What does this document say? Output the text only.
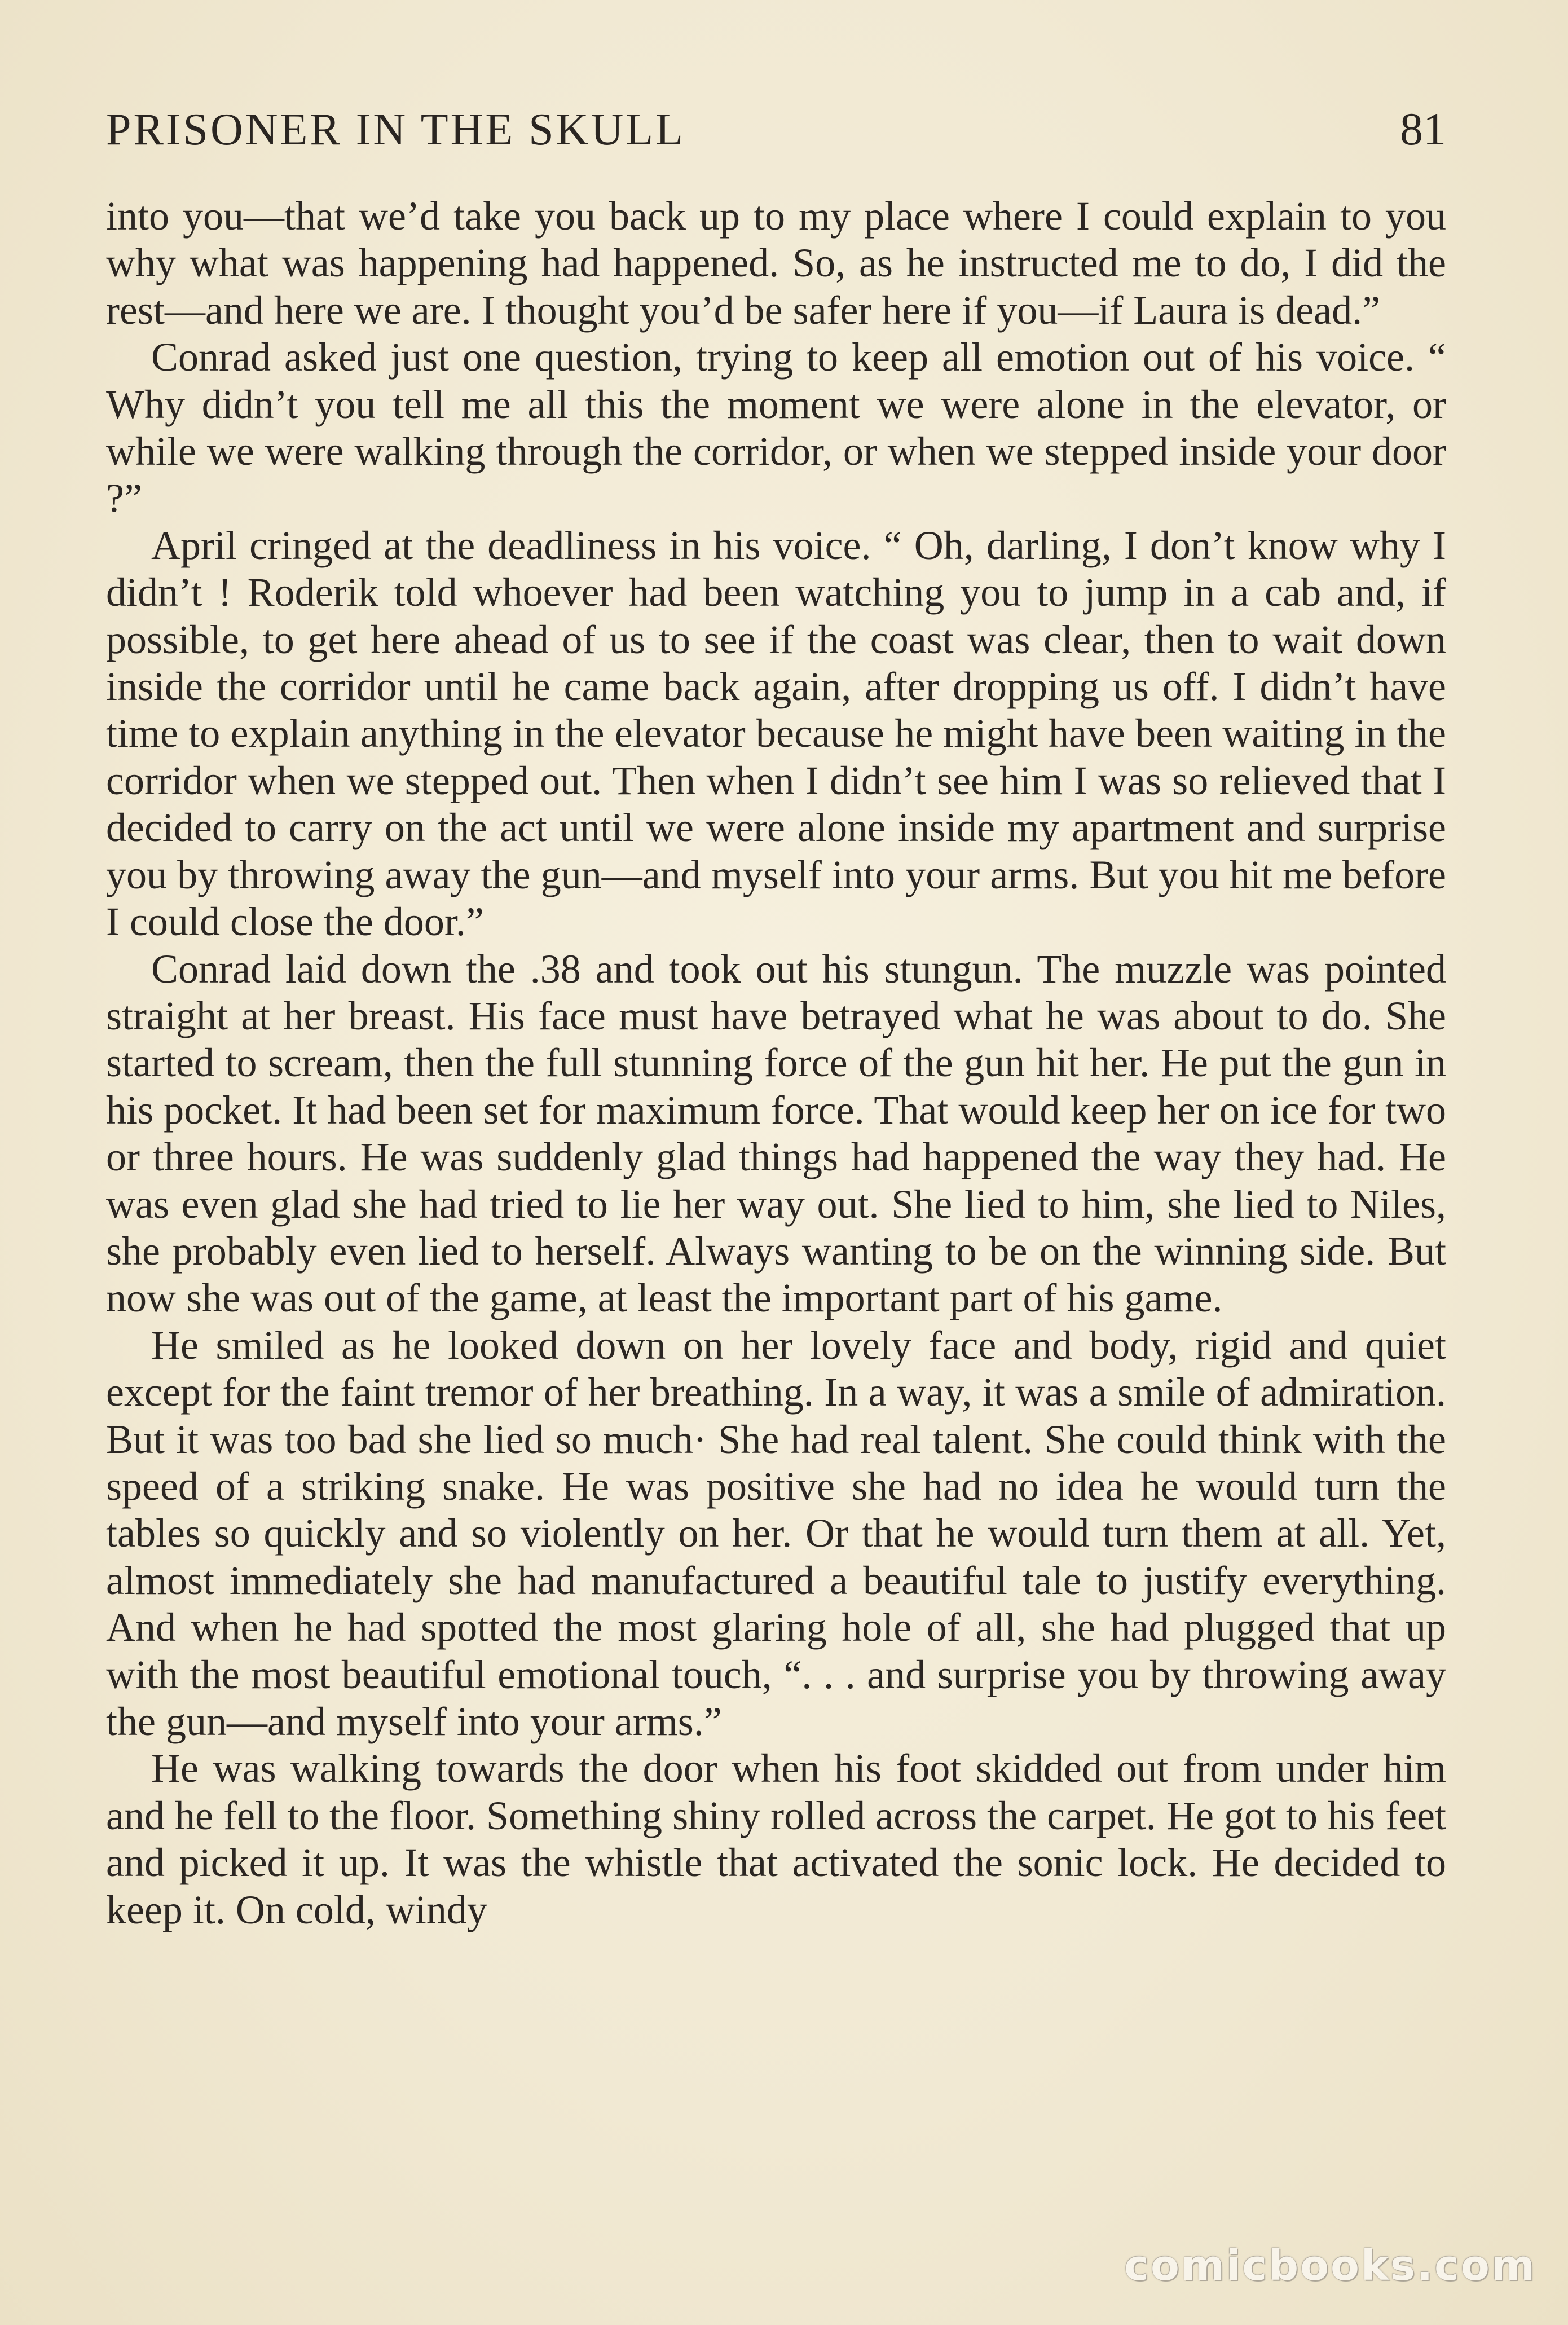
PRISONER IN THE SKULL	81

into you—that we’d take you back up to my place where I could explain to you why what was happening had happened. So, as he instructed me to do, I did the rest—and here we are. I thought you’d be safer here if you—if Laura is dead.”

Conrad asked just one question, trying to keep all emotion out of his voice. “ Why didn’t you tell me all this the moment we were alone in the elevator, or while we were walking through the corridor, or when we stepped inside your door ?”

April cringed at the deadliness in his voice. “ Oh, darling, I don’t know why I didn’t ! Roderik told whoever had been watching you to jump in a cab and, if possible, to get here ahead of us to see if the coast was clear, then to wait down inside the corridor until he came back again, after dropping us off. I didn’t have time to explain anything in the elevator because he might have been waiting in the corridor when we stepped out. Then when I didn’t see him I was so relieved that I decided to carry on the act until we were alone inside my apartment and surprise you by throwing away the gun—and myself into your arms. But you hit me before I could close the door.”

Conrad laid down the .38 and took out his stungun. The muzzle was pointed straight at her breast. His face must have betrayed what he was about to do. She started to scream, then the full stunning force of the gun hit her. He put the gun in his pocket. It had been set for maximum force. That would keep her on ice for two or three hours. He was suddenly glad things had happened the way they had. He was even glad she had tried to lie her way out. She lied to him, she lied to Niles, she probably even lied to herself. Always wanting to be on the winning side. But now she was out of the game, at least the important part of his game.

He smiled as he looked down on her lovely face and body, rigid and quiet except for the faint tremor of her breathing. In a way, it was a smile of admiration. But it was too bad she lied so much· She had real talent. She could think with the speed of a striking snake. He was positive she had no idea he would turn the tables so quickly and so violently on her. Or that he would turn them at all. Yet, almost immediately she had manufactured a beautiful tale to justify everything. And when he had spotted the most glaring hole of all, she had plugged that up with the most beautiful emotional touch, “. . . and surprise you by throwing away the gun—and myself into your arms.”

He was walking towards the door when his foot skidded out from under him and he fell to the floor. Something shiny rolled across the carpet. He got to his feet and picked it up. It was the whistle that activated the sonic lock. He decided to keep it. On cold, windy

comicbooks.com
